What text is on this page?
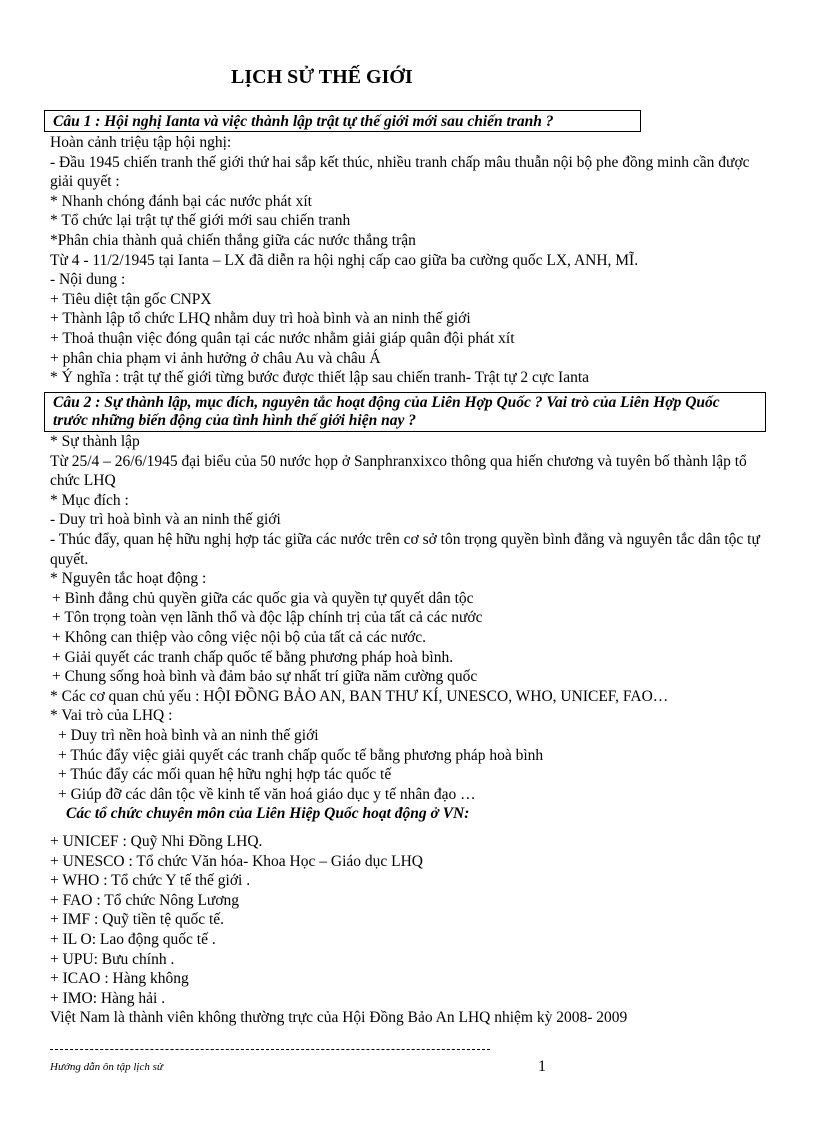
LỊCH SỬ THẾ GIỚI
Câu 1 : Hội nghị Ianta và việc thành lập trật tự thế giới mới sau chiến tranh ?
Hoàn cảnh triệu tập hội nghị:
- Đầu 1945 chiến tranh thế giới thứ hai sắp kết thúc, nhiều tranh chấp mâu thuẫn nội bộ phe đồng minh cần được giải quyết :
* Nhanh chóng đánh bại các nước phát xít
* Tổ chức lại trật tự thế giới mới sau chiến tranh
*Phân chia thành quả chiến thắng giữa các nước thắng trận
Từ 4 - 11/2/1945 tại Ianta – LX đã diễn ra hội nghị cấp cao giữa ba cường quốc LX, ANH, MĨ.
- Nội dung :
+ Tiêu diệt tận gốc CNPX
+ Thành lập tổ chức LHQ nhằm duy trì hoà bình và an ninh thế giới
+ Thoả thuận việc đóng quân tại các nước nhằm giải giáp quân đội phát xít
+ phân chia phạm vi ảnh hưởng ở châu Au và châu Á
* Ý nghĩa : trật tự thế giới từng bước được thiết lập sau chiến tranh- Trật tự 2 cực Ianta
Câu 2 : Sự thành lập, mục đích, nguyên tắc hoạt động của Liên Hợp Quốc ? Vai trò của Liên Hợp Quốc trước những biến động của tình hình thế giới hiện nay ?
* Sự thành lập
Từ 25/4 – 26/6/1945 đại biểu của 50 nước họp ở Sanphranxixco thông qua hiến chương và tuyên bố thành lập tổ chức LHQ
* Mục đích :
- Duy trì hoà bình và an ninh thế giới
- Thúc đẩy, quan hệ hữu nghị hợp tác giữa các nước trên cơ sở tôn trọng quyền bình đẳng và nguyên tắc dân tộc tự quyết.
* Nguyên tắc hoạt động :
+ Bình đẳng chủ quyền giữa các quốc gia và quyền tự quyết dân tộc
+ Tôn trọng toàn vẹn lãnh thổ và độc lập chính trị của tất cả các nước
+ Không can thiệp vào công việc nội bộ của tất cả các nước.
+ Giải quyết các tranh chấp quốc tế bằng phương pháp hoà bình.
+ Chung sống hoà bình và đảm bảo sự nhất trí giữa năm cường quốc
* Các cơ quan chủ yếu : HỘI ĐỒNG BẢO AN, BAN THƯ KÍ, UNESCO, WHO, UNICEF, FAO…
* Vai trò của LHQ :
+ Duy trì nền hoà bình và an ninh thế giới
+ Thúc đẩy việc giải quyết các tranh chấp quốc tế bằng phương pháp hoà bình
+ Thúc đẩy các mối quan hệ hữu nghị hợp tác quốc tế
+ Giúp đỡ các dân tộc về kinh tế văn hoá giáo dục y tế nhân đạo …
Các tổ chức chuyên môn của Liên Hiệp Quốc hoạt động ở VN:
+ UNICEF : Quỹ Nhi Đồng LHQ.
+ UNESCO : Tổ chức Văn hóa- Khoa Học – Giáo dục LHQ
+ WHO : Tổ chức Y tế thế giới .
+ FAO : Tổ chức Nông Lương
+ IMF : Quỹ tiền tệ quốc tế.
+ IL O: Lao động quốc tế .
+ UPU: Bưu chính .
+ ICAO : Hàng không
+ IMO: Hàng hải .
Việt Nam là thành viên không thường trực của Hội Đồng Bảo An LHQ nhiệm kỳ 2008- 2009
Hướng dẫn ôn tập lịch sử	1
